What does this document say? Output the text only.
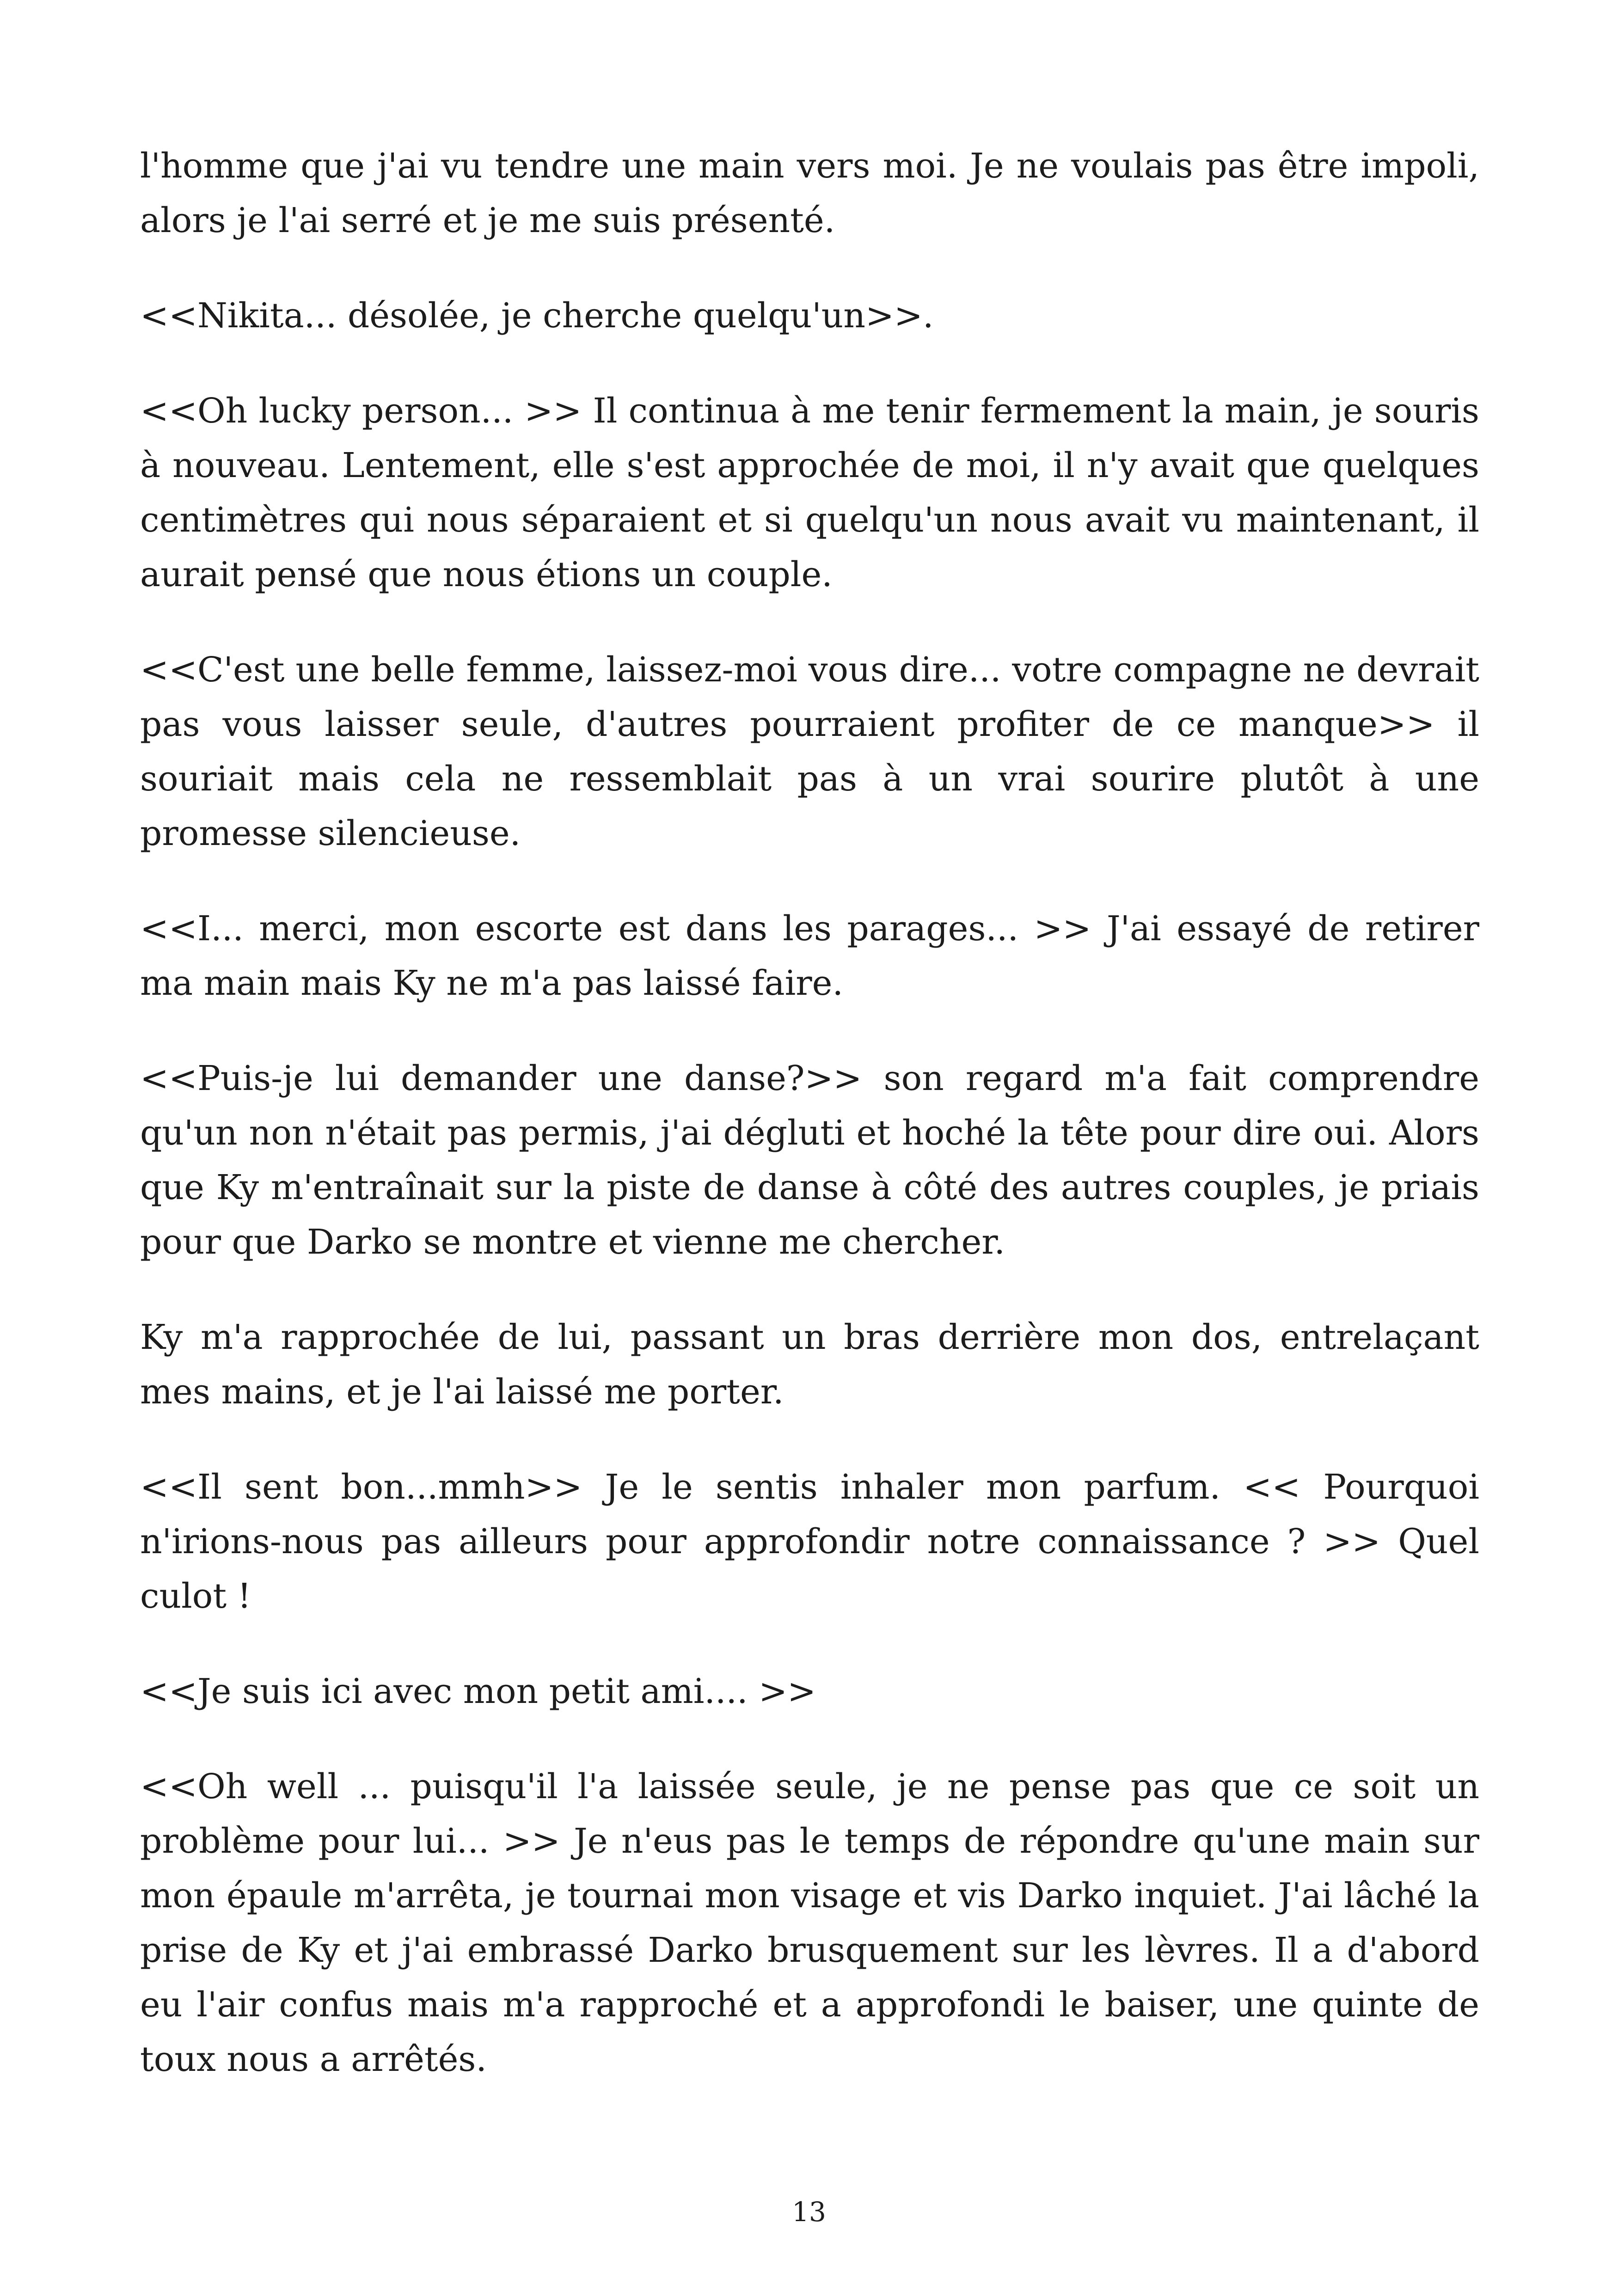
l'homme que j'ai vu tendre une main vers moi. Je ne voulais pas être impoli, alors je l'ai serré et je me suis présenté.

<<Nikita... désolée, je cherche quelqu'un>>.

<<Oh lucky person... >> Il continua à me tenir fermement la main, je souris à nouveau. Lentement, elle s'est approchée de moi, il n'y avait que quelques centimètres qui nous séparaient et si quelqu'un nous avait vu maintenant, il aurait pensé que nous étions un couple.

<<C'est une belle femme, laissez-moi vous dire... votre compagne ne devrait pas vous laisser seule, d'autres pourraient profiter de ce manque>> il souriait mais cela ne ressemblait pas à un vrai sourire plutôt à une promesse silencieuse.

<<I... merci, mon escorte est dans les parages... >> J'ai essayé de retirer ma main mais Ky ne m'a pas laissé faire.

<<Puis-je lui demander une danse?>> son regard m'a fait comprendre qu'un non n'était pas permis, j'ai dégluti et hoché la tête pour dire oui. Alors que Ky m'entraînait sur la piste de danse à côté des autres couples, je priais pour que Darko se montre et vienne me chercher.

Ky m'a rapprochée de lui, passant un bras derrière mon dos, entrelaçant mes mains, et je l'ai laissé me porter.

<<Il sent bon...mmh>> Je le sentis inhaler mon parfum. << Pourquoi n'irions-nous pas ailleurs pour approfondir notre connaissance ? >> Quel culot !

<<Je suis ici avec mon petit ami.... >>

<<Oh well ... puisqu'il l'a laissée seule, je ne pense pas que ce soit un problème pour lui... >> Je n'eus pas le temps de répondre qu'une main sur mon épaule m'arrêta, je tournai mon visage et vis Darko inquiet. J'ai lâché la prise de Ky et j'ai embrassé Darko brusquement sur les lèvres. Il a d'abord eu l'air confus mais m'a rapproché et a approfondi le baiser, une quinte de toux nous a arrêtés.

13
